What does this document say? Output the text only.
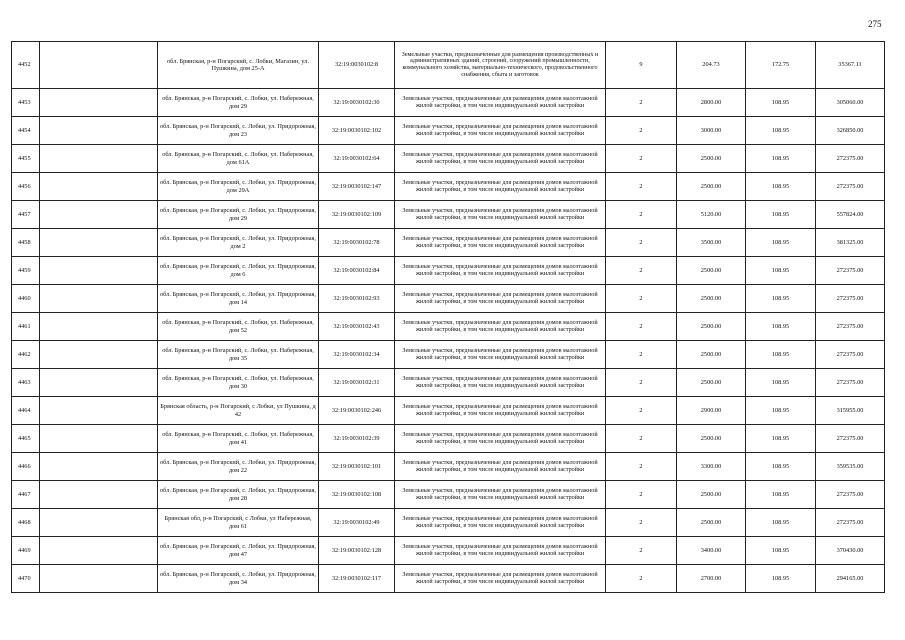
275
4452		обл. Брянская, р-н Погарский, с. Лобки, Магазин, ул. Пушкина, дом 25-А	32:19:0030102:8	Земельные участки, предназначенные для размещения производственных и административных зданий, строений, сооружений промышленности, коммунального хозяйства, материально-технического, продовольственного снабжения, сбыта и заготовок	9	204.73	172.75	35367.11
4453		обл. Брянская, р-н Погарский, с. Лобки, ул. Набережная, дом 29	32:19:0030102:30	Земельные участки, предназначенные для размещения домов малоэтажной жилой застройки, в том числе индивидуальной жилой застройки	2	2800.00	108.95	305060.00
4454		обл. Брянская, р-н Погарский, с. Лобки, ул. Придорожная, дом 23	32:19:0030102:102	Земельные участки, предназначенные для размещения домов малоэтажной жилой застройки, в том числе индивидуальной жилой застройки	2	3000.00	108.95	326850.00
4455		обл. Брянская, р-н Погарский, с. Лобки, ул. Набережная, дом 61А	32:19:0030102:64	Земельные участки, предназначенные для размещения домов малоэтажной жилой застройки, в том числе индивидуальной жилой застройки	2	2500.00	108.95	272375.00
4456		обл. Брянская, р-н Погарский, с. Лобки, ул. Придорожная, дом 29А	32:19:0030102:147	Земельные участки, предназначенные для размещения домов малоэтажной жилой застройки, в том числе индивидуальной жилой застройки	2	2500.00	108.95	272375.00
4457		обл. Брянская, р-н Погарский, с. Лобки, ул. Придорожная, дом 29	32:19:0030102:109	Земельные участки, предназначенные для размещения домов малоэтажной жилой застройки, в том числе индивидуальной жилой застройки	2	5120.00	108.95	557824.00
4458		обл. Брянская, р-н Погарский, с. Лобки, ул. Придорожная, дом 2	32:19:0030102:78	Земельные участки, предназначенные для размещения домов малоэтажной жилой застройки, в том числе индивидуальной жилой застройки	2	3500.00	108.95	381325.00
4459		обл. Брянская, р-н Погарский, с. Лобки, ул. Придорожная, дом 6	32:19:0030102:84	Земельные участки, предназначенные для размещения домов малоэтажной жилой застройки, в том числе индивидуальной жилой застройки	2	2500.00	108.95	272375.00
4460		обл. Брянская, р-н Погарский, с. Лобки, ул. Придорожная, дом 14	32:19:0030102:93	Земельные участки, предназначенные для размещения домов малоэтажной жилой застройки, в том числе индивидуальной жилой застройки	2	2500.00	108.95	272375.00
4461		обл. Брянская, р-н Погарский, с. Лобки, ул. Набережная, дом 52	32:19:0030102:43	Земельные участки, предназначенные для размещения домов малоэтажной жилой застройки, в том числе индивидуальной жилой застройки	2	2500.00	108.95	272375.00
4462		обл. Брянская, р-н Погарский, с. Лобки, ул. Набережная, дом 35	32:19:0030102:34	Земельные участки, предназначенные для размещения домов малоэтажной жилой застройки, в том числе индивидуальной жилой застройки	2	2500.00	108.95	272375.00
4463		обл. Брянская, р-н Погарский, с. Лобки, ул. Набережная, дом 30	32:19:0030102:31	Земельные участки, предназначенные для размещения домов малоэтажной жилой застройки, в том числе индивидуальной жилой застройки	2	2500.00	108.95	272375.00
4464		Брянская область, р-н Погарский, с Лобки, ул Пушкина, д 42	32:19:0030102:246	Земельные участки, предназначенные для размещения домов малоэтажной жилой застройки, в том числе индивидуальной жилой застройки	2	2900.00	108.95	315955.00
4465		обл. Брянская, р-н Погарский, с. Лобки, ул. Набережная, дом 41	32:19:0030102:39	Земельные участки, предназначенные для размещения домов малоэтажной жилой застройки, в том числе индивидуальной жилой застройки	2	2500.00	108.95	272375.00
4466		обл. Брянская, р-н Погарский, с. Лобки, ул. Придорожная, дом 22	32:19:0030102:101	Земельные участки, предназначенные для размещения домов малоэтажной жилой застройки, в том числе индивидуальной жилой застройки	2	3300.00	108.95	359535.00
4467		обл. Брянская, р-н Погарский, с. Лобки, ул. Придорожная, дом 28	32:19:0030102:108	Земельные участки, предназначенные для размещения домов малоэтажной жилой застройки, в том числе индивидуальной жилой застройки	2	2500.00	108.95	272375.00
4468		Брянская обл, р-н Погарский, с Лобки, ул Набережная, дом 61	32:19:0030102:49	Земельные участки, предназначенные для размещения домов малоэтажной жилой застройки, в том числе индивидуальной жилой застройки	2	2500.00	108.95	272375.00
4469		обл. Брянская, р-н Погарский, с. Лобки, ул. Придорожная, дом 47	32:19:0030102:128	Земельные участки, предназначенные для размещения домов малоэтажной жилой застройки, в том числе индивидуальной жилой застройки	2	3400.00	108.95	370430.00
4470		обл. Брянская, р-н Погарский, с. Лобки, ул. Придорожная, дом 34	32:19:0030102:117	Земельные участки, предназначенные для размещения домов малоэтажной жилой застройки, в том числе индивидуальной жилой застройки	2	2700.00	108.95	294165.00
